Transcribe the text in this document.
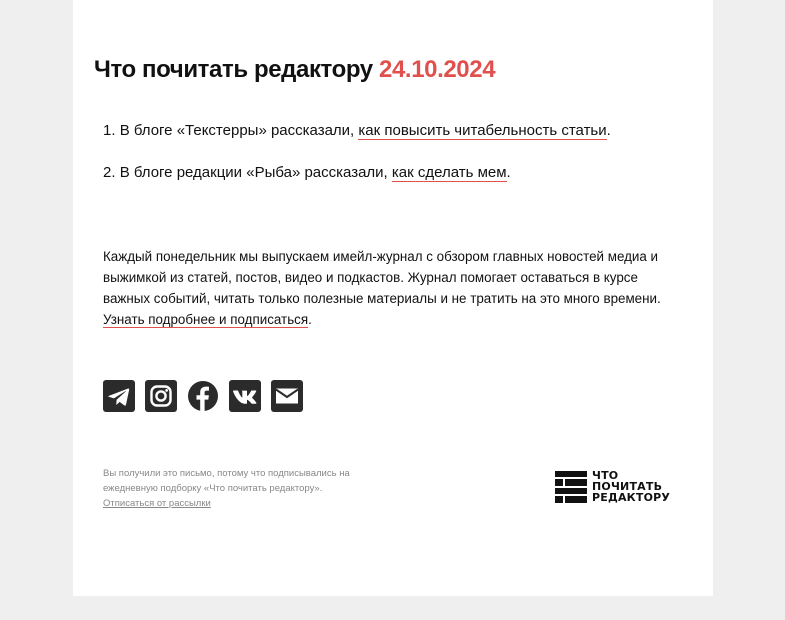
Что почитать редактору 24.10.2024
1. В блоге «Текстерры» рассказали, как повысить читабельность статьи.
2. В блоге редакции «Рыба» рассказали, как сделать мем.

Каждый понедельник мы выпускаем имейл-журнал с обзором главных новостей медиа и выжимкой из статей, постов, видео и подкастов. Журнал помогает оставаться в курсе важных событий, читать только полезные материалы и не тратить на это много времени. Узнать подробнее и подписаться.

Вы получили это письмо, потому что подписывались на ежедневную подборку «Что почитать редактору».
Отписаться от рассылки

ЧТО
ПОЧИТАТЬ
РЕДАКТОРУ
